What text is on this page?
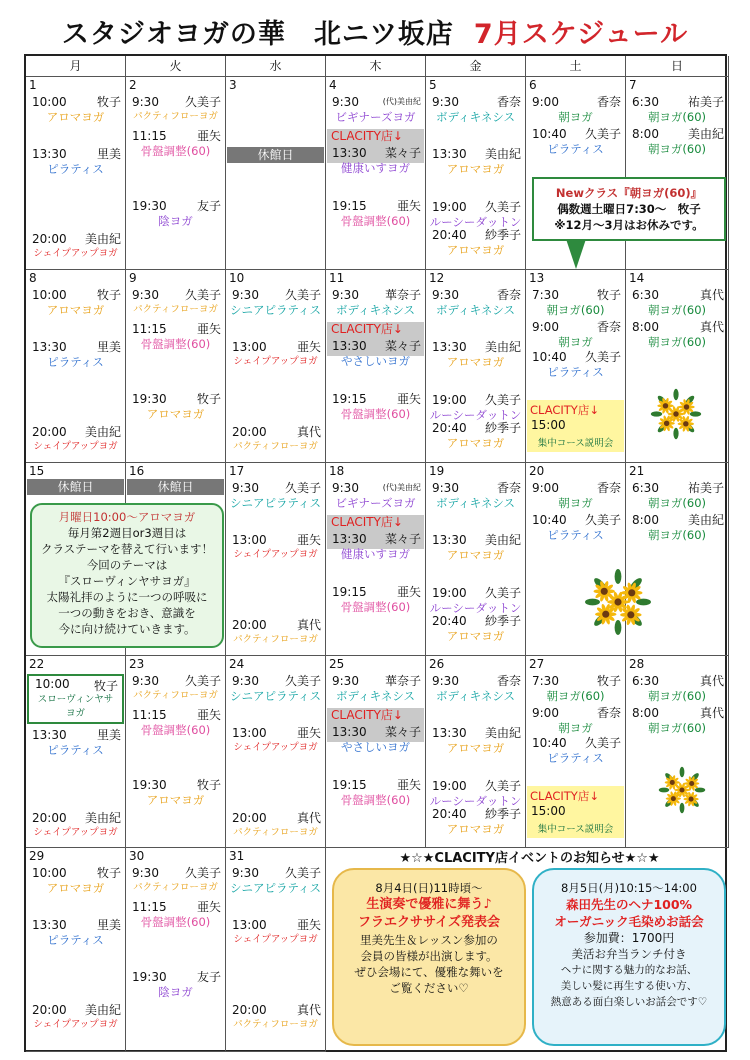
スタジオヨガの華　北ニツ坂店 7月スケジュール
月	火	水	木	金	土	日
1
10:00	牧子
アロマヨガ
13:30	里美
ピラティス
20:00 美由紀
シェイプアップヨガ
2
9:30 久美子
パクティフローヨガ
11:15	亜矢
骨盤調整(60)
19:30	友子
陰ヨガ
3
休館日
4
CLACITY店↓
9:30	(代)美由紀
ビギナーズヨガ
13:30 菜々子
健康いすヨガ
19:15	亜矢
骨盤調整(60)
5
9:30	香奈
ボディキネシス
13:30 美由紀
アロマヨガ
19:00 久美子
ルーシーダットン
20:40 紗季子
アロマヨガ
6
9:00	香奈
朝ヨガ
10:40 久美子
ピラティス
7
6:30 祐美子
朝ヨガ(60)
8:00 美由紀
朝ヨガ(60)
8
10:00	牧子
アロマヨガ
13:30	里美
ピラティス
20:00 美由紀
シェイプアップヨガ
9
9:30 久美子
パクティフローヨガ
11:15	亜矢
骨盤調整(60)
19:30	牧子
アロマヨガ
10
9:30 久美子
シニアピラティス
13:00	亜矢
シェイプアップヨガ
20:00	真代
パクティフローヨガ
11
CLACITY店↓
9:30 華奈子
ボディキネシス
13:30 菜々子
やさしいヨガ
19:15	亜矢
骨盤調整(60)
12
9:30	香奈
ボディキネシス
13:30 美由紀
アロマヨガ
19:00 久美子
ルーシーダットン
20:40 紗季子
アロマヨガ
13
7:30	牧子
朝ヨガ(60)
9:00	香奈
朝ヨガ
10:40 久美子
ピラティス
CLACITY店↓
15:00
集中コース説明会
14
6:30	真代
朝ヨガ(60)
8:00	真代
朝ヨガ(60)
15
休館日
16
休館日
17
9:30 久美子
シニアピラティス
13:00	亜矢
シェイプアップヨガ
20:00	真代
パクティフローヨガ
18
CLACITY店↓
9:30	(代)美由紀
ビギナーズヨガ
13:30 菜々子
健康いすヨガ
19:15	亜矢
骨盤調整(60)
19
9:30	香奈
ボディキネシス
13:30 美由紀
アロマヨガ
19:00 久美子
ルーシーダットン
20:40 紗季子
アロマヨガ
20
9:00	香奈
朝ヨガ
10:40 久美子
ピラティス
21
6:30 祐美子
朝ヨガ(60)
8:00 美由紀
朝ヨガ(60)
22
13:30	里美
ピラティス
20:00 美由紀
シェイプアップヨガ
10:00 牧子
スローヴィンヤサ
ヨガ
23
9:30 久美子
パクティフローヨガ
11:15	亜矢
骨盤調整(60)
19:30	牧子
アロマヨガ
24
9:30 久美子
シニアピラティス
13:00	亜矢
シェイプアップヨガ
20:00	真代
パクティフローヨガ
25
CLACITY店↓
9:30 華奈子
ボディキネシス
13:30 菜々子
やさしいヨガ
19:15	亜矢
骨盤調整(60)
26
9:30	香奈
ボディキネシス
13:30 美由紀
アロマヨガ
19:00 久美子
ルーシーダットン
20:40 紗季子
アロマヨガ
27
7:30	牧子
朝ヨガ(60)
9:00	香奈
朝ヨガ
10:40 久美子
ピラティス
CLACITY店↓
15:00
集中コース説明会
28
6:30	真代
朝ヨガ(60)
8:00	真代
朝ヨガ(60)
29
10:00	牧子
アロマヨガ
13:30	里美
ピラティス
20:00 美由紀
シェイプアップヨガ
30
9:30 久美子
パクティフローヨガ
11:15	亜矢
骨盤調整(60)
19:30	友子
陰ヨガ
31
9:30 久美子
シニアピラティス
13:00	亜矢
シェイプアップヨガ
20:00	真代
パクティフローヨガ
月曜日10:00〜アロマヨガ
毎月第2週目or3週目は
クラステーマを替えて行います！
今回のテーマは
『スローヴィンヤサヨガ』
太陽礼拝のように一つの呼吸に
一つの動きをおき、意識を
今に向け続けていきます。
Newクラス『朝ヨガ(60)』
偶数週土曜日7:30〜　牧子
※12月〜3月はお休みです。
★☆★CLACITY店イベントのお知らせ★☆★
8月4日(日)11時頃〜
生演奏で優雅に舞う♪
フラエクササイズ発表会
里美先生＆レッスン参加の
会員の皆様が出演します。
ぜひ会場にて、優雅な舞いを
ご覧ください♡
8月5日(月)10:15〜14:00
森田先生のヘナ100%
オーガニック毛染めお話会
参加費：1700円
美活お弁当ランチ付き
ヘナに関する魅力的なお話、
美しい髪に再生する使い方、
熱意ある面白楽しいお話会です♡
